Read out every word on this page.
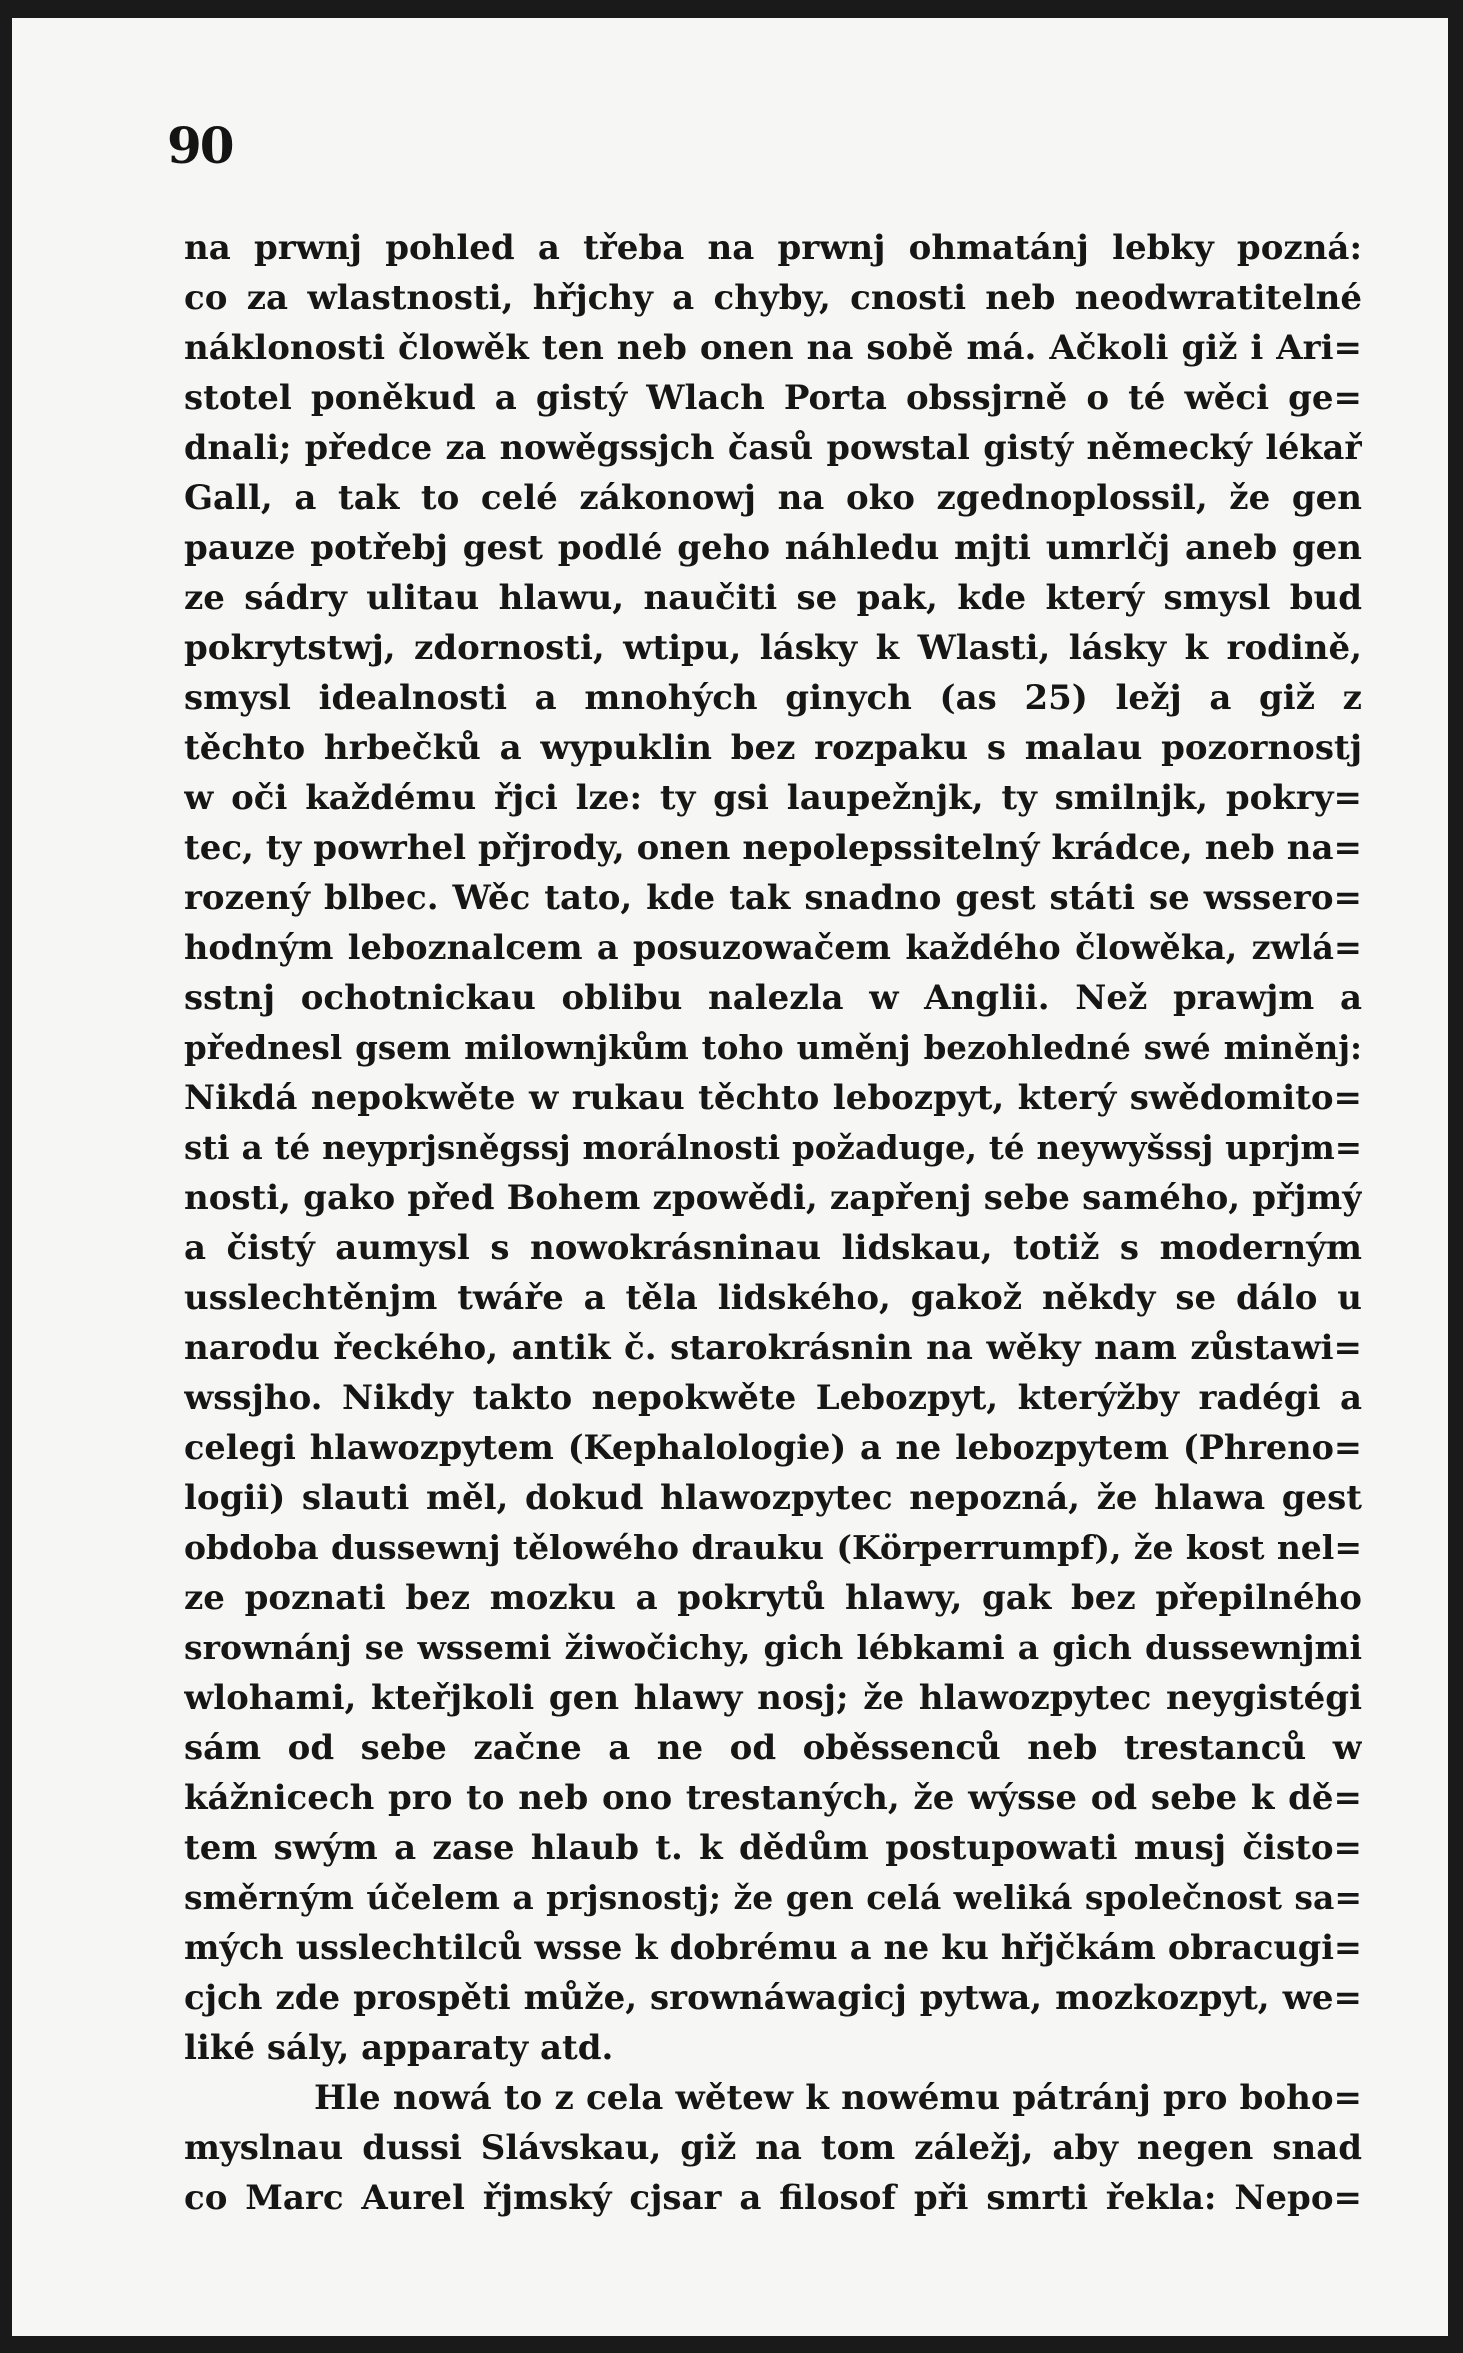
90
na prwnj pohled a třeba na prwnj ohmatánj lebky pozná:
co za wlastnosti, hřjchy a chyby, cnosti neb neodwratitelné
náklonosti člowěk ten neb onen na sobě má. Ačkoli giž i Ari=
stotel poněkud a gistý Wlach Porta obssjrně o té wěci ge=
dnali; předce za nowěgssjch časů powstal gistý německý lékař
Gall, a tak to celé zákonowj na oko zgednoplossil, že gen
pauze potřebj gest podlé geho náhledu mjti umrlčj aneb gen
ze sádry ulitau hlawu, naučiti se pak, kde který smysl bud
pokrytstwj, zdornosti, wtipu, lásky k Wlasti, lásky k rodině,
smysl idealnosti a mnohých ginych (as 25) ležj a giž z
těchto hrbečků a wypuklin bez rozpaku s malau pozornostj
w oči každému řjci lze: ty gsi laupežnjk, ty smilnjk, pokry=
tec, ty powrhel přjrody, onen nepolepssitelný krádce, neb na=
rozený blbec. Wěc tato, kde tak snadno gest státi se wssero=
hodným leboznalcem a posuzowačem každého člowěka, zwlá=
sstnj ochotnickau oblibu nalezla w Anglii. Než prawjm a
přednesl gsem milownjkům toho uměnj bezohledné swé miněnj:
Nikdá nepokwěte w rukau těchto lebozpyt, který swědomito=
sti a té neyprjsněgssj morálnosti požaduge, té neywyšssj uprjm=
nosti, gako před Bohem zpowědi, zapřenj sebe samého, přjmý
a čistý aumysl s nowokrásninau lidskau, totiž s moderným
usslechtěnjm twáře a těla lidského, gakož někdy se dálo u
narodu řeckého, antik č. starokrásnin na wěky nam zůstawi=
wssjho. Nikdy takto nepokwěte Lebozpyt, kterýžby radégi a
celegi hlawozpytem (Kephalologie) a ne lebozpytem (Phreno=
logii) slauti měl, dokud hlawozpytec nepozná, že hlawa gest
obdoba dussewnj tělowého drauku (Körperrumpf), že kost nel=
ze poznati bez mozku a pokrytů hlawy, gak bez přepilného
srownánj se wssemi žiwočichy, gich lébkami a gich dussewnjmi
wlohami, kteřjkoli gen hlawy nosj; že hlawozpytec neygistégi
sám od sebe začne a ne od oběssenců neb trestanců w
kážnicech pro to neb ono trestaných, že wýsse od sebe k dě=
tem swým a zase hlaub t. k dědům postupowati musj čisto=
směrným účelem a prjsnostj; že gen celá weliká společnost sa=
mých usslechtilců wsse k dobrému a ne ku hřjčkám obracugi=
cjch zde prospěti může, srownáwagicj pytwa, mozkozpyt, we=
liké sály, apparaty atd.
Hle nowá to z cela wětew k nowému pátránj pro boho=
myslnau dussi Slávskau, giž na tom záležj, aby negen snad
co Marc Aurel řjmský cjsar a filosof při smrti řekla: Nepo=
